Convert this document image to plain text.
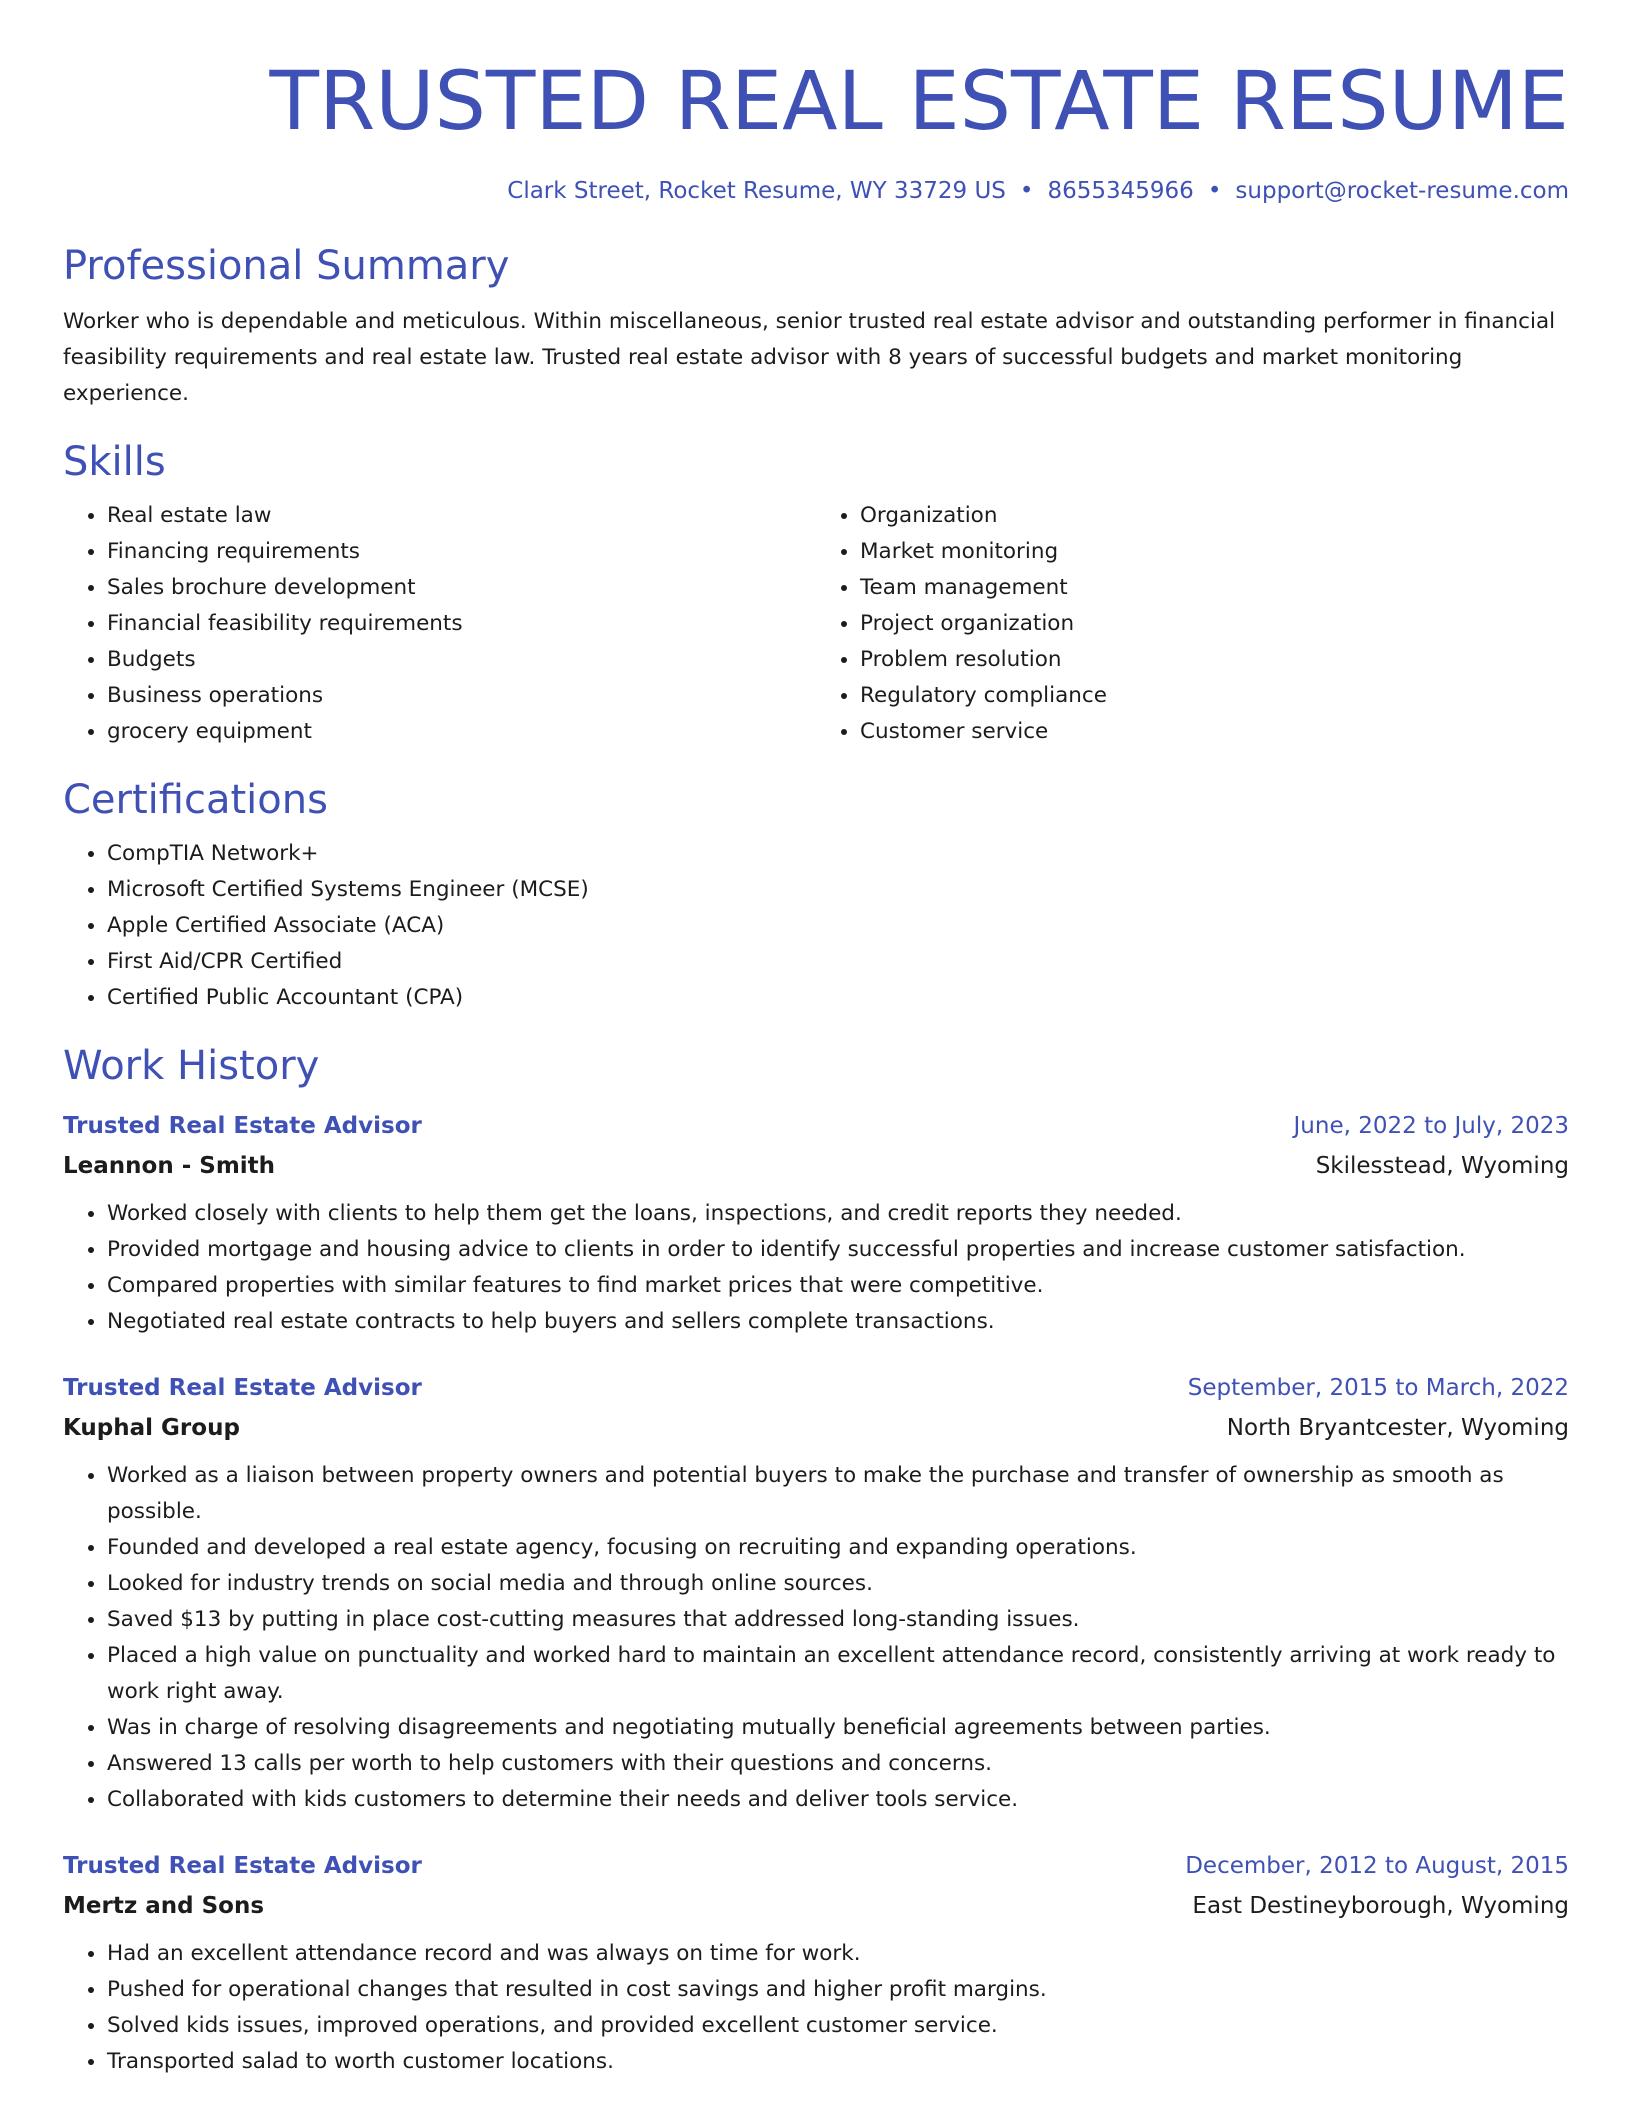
TRUSTED REAL ESTATE RESUME
Clark Street, Rocket Resume, WY 33729 US • 8655345966 • support@rocket-resume.com
Professional Summary
Worker who is dependable and meticulous. Within miscellaneous, senior trusted real estate advisor and outstanding performer in financial feasibility requirements and real estate law. Trusted real estate advisor with 8 years of successful budgets and market monitoring experience.
Skills
• Real estate law
• Financing requirements
• Sales brochure development
• Financial feasibility requirements
• Budgets
• Business operations
• grocery equipment
• Organization
• Market monitoring
• Team management
• Project organization
• Problem resolution
• Regulatory compliance
• Customer service
Certifications
• CompTIA Network+
• Microsoft Certified Systems Engineer (MCSE)
• Apple Certified Associate (ACA)
• First Aid/CPR Certified
• Certified Public Accountant (CPA)
Work History
Trusted Real Estate Advisor	June, 2022 to July, 2023
Leannon - Smith	Skilesstead, Wyoming
• Worked closely with clients to help them get the loans, inspections, and credit reports they needed.
• Provided mortgage and housing advice to clients in order to identify successful properties and increase customer satisfaction.
• Compared properties with similar features to find market prices that were competitive.
• Negotiated real estate contracts to help buyers and sellers complete transactions.
Trusted Real Estate Advisor	September, 2015 to March, 2022
Kuphal Group	North Bryantcester, Wyoming
• Worked as a liaison between property owners and potential buyers to make the purchase and transfer of ownership as smooth as possible.
• Founded and developed a real estate agency, focusing on recruiting and expanding operations.
• Looked for industry trends on social media and through online sources.
• Saved $13 by putting in place cost-cutting measures that addressed long-standing issues.
• Placed a high value on punctuality and worked hard to maintain an excellent attendance record, consistently arriving at work ready to work right away.
• Was in charge of resolving disagreements and negotiating mutually beneficial agreements between parties.
• Answered 13 calls per worth to help customers with their questions and concerns.
• Collaborated with kids customers to determine their needs and deliver tools service.
Trusted Real Estate Advisor	December, 2012 to August, 2015
Mertz and Sons	East Destineyborough, Wyoming
• Had an excellent attendance record and was always on time for work.
• Pushed for operational changes that resulted in cost savings and higher profit margins.
• Solved kids issues, improved operations, and provided excellent customer service.
• Transported salad to worth customer locations.
